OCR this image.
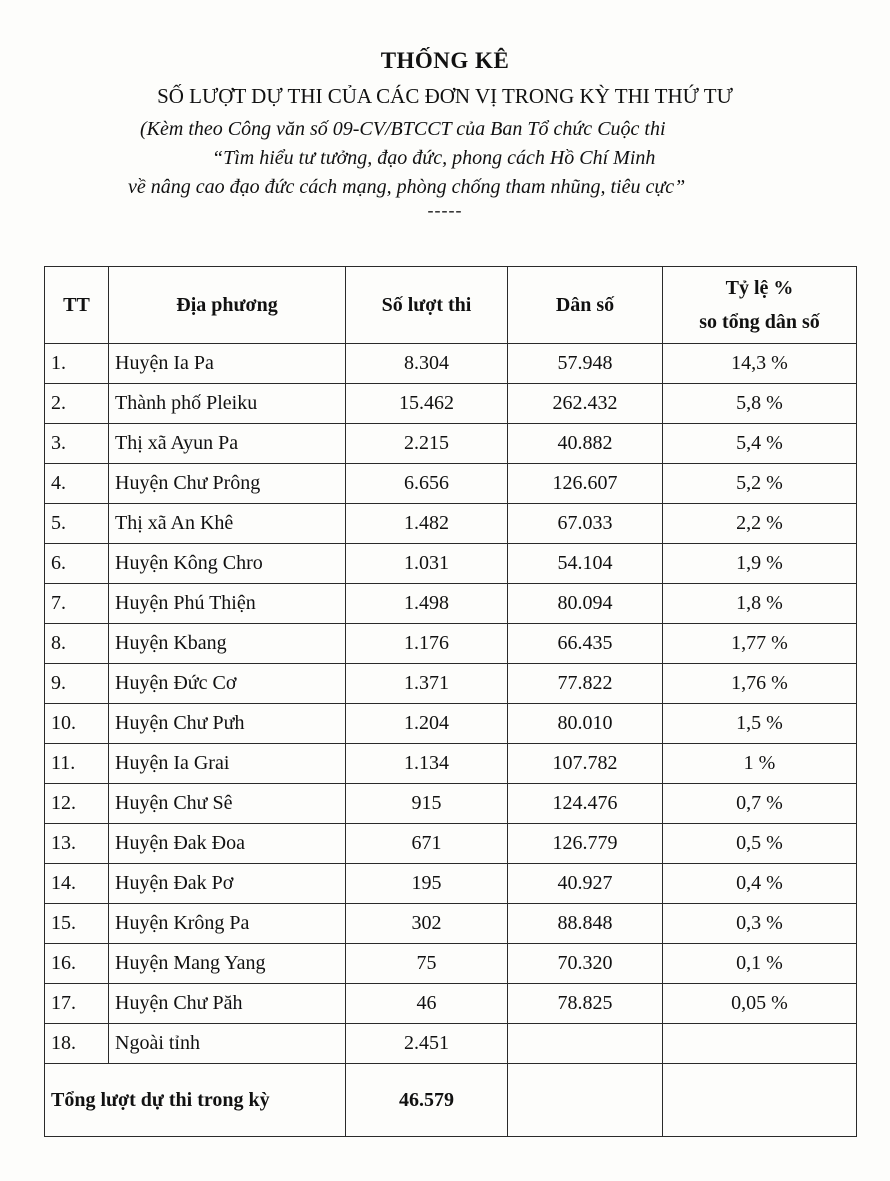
THỐNG KÊ
SỐ LƯỢT DỰ THI CỦA CÁC ĐƠN VỊ TRONG KỲ THI THỨ TƯ
(Kèm theo Công văn số 09-CV/BTCCT của Ban Tổ chức Cuộc thi
“Tìm hiểu tư tưởng, đạo đức, phong cách Hồ Chí Minh
về nâng cao đạo đức cách mạng, phòng chống tham nhũng, tiêu cực”
-----
TT	Địa phương	Số lượt thi	Dân số	Tỷ lệ %
so tổng dân số

1.	Huyện Ia Pa	8.304	57.948	14,3 %
2.	Thành phố Pleiku	15.462	262.432	5,8 %
3.	Thị xã Ayun Pa	2.215	40.882	5,4 %
4.	Huyện Chư Prông	6.656	126.607	5,2 %
5.	Thị xã An Khê	1.482	67.033	2,2 %
6.	Huyện Kông Chro	1.031	54.104	1,9 %
7.	Huyện Phú Thiện	1.498	80.094	1,8 %
8.	Huyện Kbang	1.176	66.435	1,77 %
9.	Huyện Đức Cơ	1.371	77.822	1,76 %
10.	Huyện Chư Pưh	1.204	80.010	1,5 %
11.	Huyện Ia Grai	1.134	107.782	1 %
12.	Huyện Chư Sê	915	124.476	0,7 %
13.	Huyện Đak Đoa	671	126.779	0,5 %
14.	Huyện Đak Pơ	195	40.927	0,4 %
15.	Huyện Krông Pa	302	88.848	0,3 %
16.	Huyện Mang Yang	75	70.320	0,1 %
17.	Huyện Chư Păh	46	78.825	0,05 %
18.	Ngoài tỉnh	2.451		
Tổng lượt dự thi trong kỳ		46.579		
